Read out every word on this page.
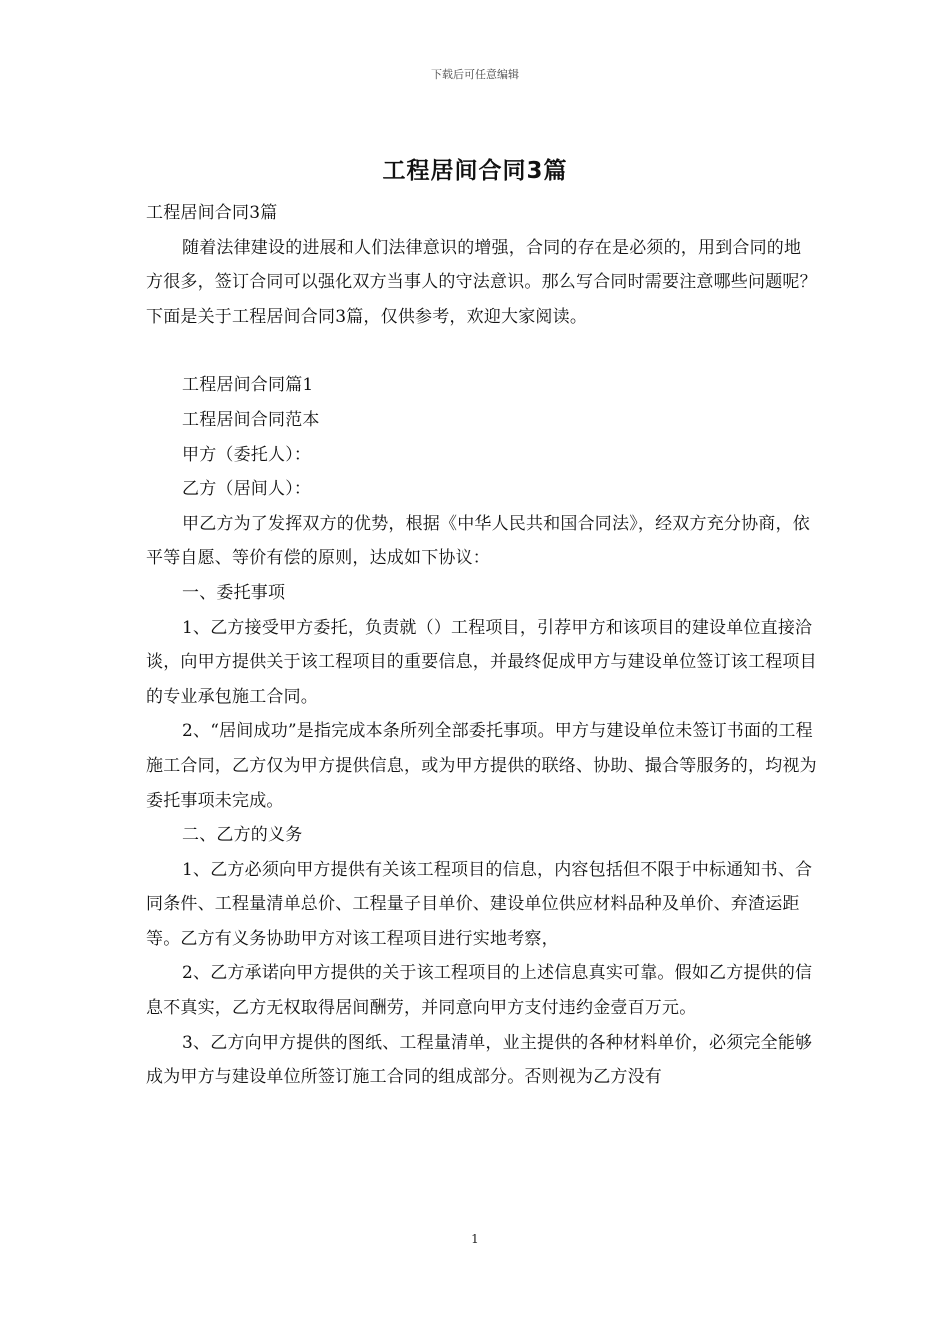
下载后可任意编辑
工程居间合同3篇

工程居间合同3篇

随着法律建设的进展和人们法律意识的增强，合同的存在是必须的，用到合同的地方很多，签订合同可以强化双方当事人的守法意识。那么写合同时需要注意哪些问题呢？下面是关于工程居间合同3篇，仅供参考，欢迎大家阅读。

工程居间合同篇1

工程居间合同范本

甲方（委托人）：

乙方（居间人）：

甲乙方为了发挥双方的优势，根据《中华人民共和国合同法》，经双方充分协商，依平等自愿、等价有偿的原则，达成如下协议：

一、委托事项

1、乙方接受甲方委托，负责就（）工程项目，引荐甲方和该项目的建设单位直接洽谈，向甲方提供关于该工程项目的重要信息，并最终促成甲方与建设单位签订该工程项目的专业承包施工合同。

2、“居间成功”是指完成本条所列全部委托事项。甲方与建设单位未签订书面的工程施工合同，乙方仅为甲方提供信息，或为甲方提供的联络、协助、撮合等服务的，均视为委托事项未完成。

二、乙方的义务

1、乙方必须向甲方提供有关该工程项目的信息，内容包括但不限于中标通知书、合同条件、工程量清单总价、工程量子目单价、建设单位供应材料品种及单价、弃渣运距等。乙方有义务协助甲方对该工程项目进行实地考察，

2、乙方承诺向甲方提供的关于该工程项目的上述信息真实可靠。假如乙方提供的信息不真实，乙方无权取得居间酬劳，并同意向甲方支付违约金壹百万元。

3、乙方向甲方提供的图纸、工程量清单，业主提供的各种材料单价，必须完全能够成为甲方与建设单位所签订施工合同的组成部分。否则视为乙方没有

1
